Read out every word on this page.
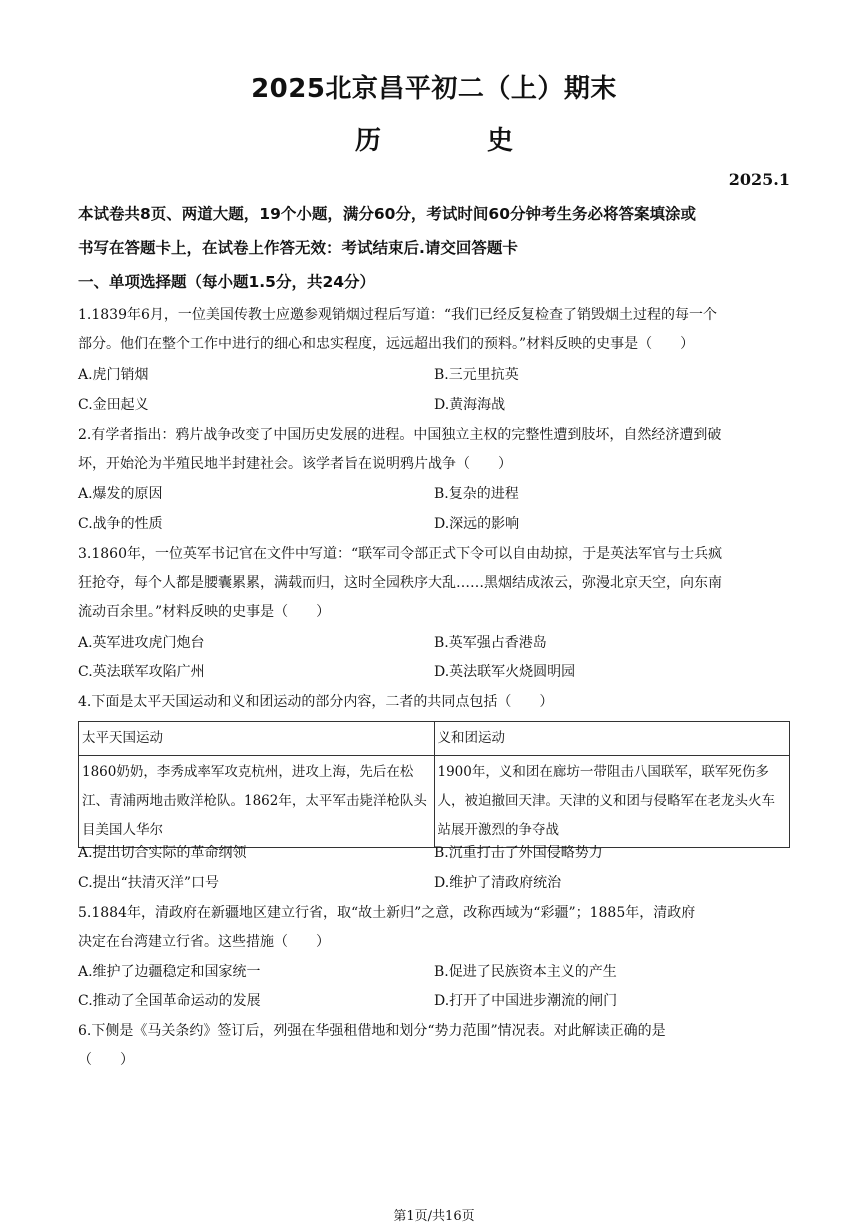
2025北京昌平初二（上）期末
历　史
2025.1
本试卷共8页、两道大题，19个小题，满分60分，考试时间60分钟考生务必将答案填涂或
书写在答题卡上，在试卷上作答无效：考试结束后.请交回答题卡
一、单项选择题（每小题1.5分，共24分）
1.1839年6月，一位美国传教士应邀参观销烟过程后写道：“我们已经反复检查了销毁烟土过程的每一个
部分。他们在整个工作中进行的细心和忠实程度，远远超出我们的预料。”材料反映的史事是（　　）
A.虎门销烟	B.三元里抗英
C.金田起义	D.黄海海战
2.有学者指出：鸦片战争改变了中国历史发展的进程。中国独立主权的完整性遭到肢坏，自然经济遭到破
坏，开始沦为半殖民地半封建社会。该学者旨在说明鸦片战争（　　）
A.爆发的原因	B.复杂的进程
C.战争的性质	D.深远的影响
3.1860年，一位英军书记官在文件中写道：“联军司令部正式下令可以自由劫掠，于是英法军官与士兵疯
狂抢夺，每个人都是腰囊累累，满载而归，这时全园秩序大乱……黑烟结成浓云，弥漫北京天空，向东南
流动百余里。”材料反映的史事是（　　）
A.英军进攻虎门炮台	B.英军强占香港岛
C.英法联军攻陷广州	D.英法联军火烧圆明园
4.下面是太平天国运动和义和团运动的部分内容，二者的共同点包括（　　）
太平天国运动	义和团运动
1860奶奶，李秀成率军攻克杭州，进攻上海，先后在松江、青浦两地击败洋枪队。1862年，太平军击毙洋枪队头目美国人华尔	1900年，义和团在廊坊一带阻击八国联军，联军死伤多人，被迫撤回天津。天津的义和团与侵略军在老龙头火车站展开激烈的争夺战
A.提出切合实际的革命纲领	B.沉重打击了外国侵略势力
C.提出“扶清灭洋”口号	D.维护了清政府统治
5.1884年，清政府在新疆地区建立行省，取“故土新归”之意，改称西域为“彩疆”；1885年，清政府
决定在台湾建立行省。这些措施（　　）
A.维护了边疆稳定和国家统一	B.促进了民族资本主义的产生
C.推动了全国革命运动的发展	D.打开了中国进步潮流的闸门
6.下侧是《马关条约》签订后，列强在华强租借地和划分“势力范围”情况表。对此解读正确的是
（　　）
第1页/共16页
